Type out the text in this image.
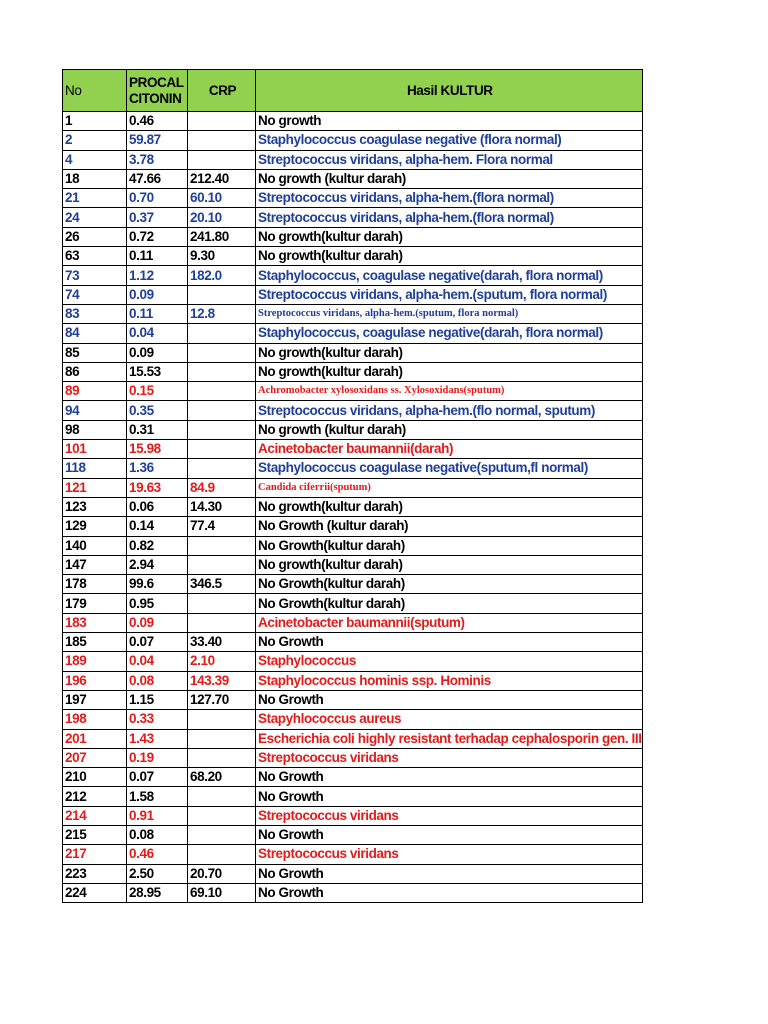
No	PROCAL CITONIN	CRP	Hasil KULTUR
1	0.46		No growth
2	59.87		Staphylococcus coagulase negative (flora normal)
4	3.78		Streptococcus viridans, alpha-hem. Flora normal
18	47.66	212.40	No growth (kultur darah)
21	0.70	60.10	Streptococcus viridans, alpha-hem.(flora normal)
24	0.37	20.10	Streptococcus viridans, alpha-hem.(flora normal)
26	0.72	241.80	No growth(kultur darah)
63	0.11	9.30	No growth(kultur darah)
73	1.12	182.0	Staphylococcus, coagulase negative(darah, flora normal)
74	0.09		Streptococcus viridans, alpha-hem.(sputum, flora normal)
83	0.11	12.8	Streptococcus viridans, alpha-hem.(sputum, flora normal)
84	0.04		Staphylococcus, coagulase negative(darah, flora normal)
85	0.09		No growth(kultur darah)
86	15.53		No growth(kultur darah)
89	0.15		Achromobacter xylosoxidans ss. Xylosoxidans(sputum)
94	0.35		Streptococcus viridans, alpha-hem.(flo normal, sputum)
98	0.31		No growth (kultur darah)
101	15.98		Acinetobacter baumannii(darah)
118	1.36		Staphylococcus coagulase negative(sputum,fl normal)
121	19.63	84.9	Candida ciferrii(sputum)
123	0.06	14.30	No growth(kultur darah)
129	0.14	77.4	No Growth (kultur darah)
140	0.82		No Growth(kultur darah)
147	2.94		No growth(kultur darah)
178	99.6	346.5	No Growth(kultur darah)
179	0.95		No Growth(kultur darah)
183	0.09		Acinetobacter baumannii(sputum)
185	0.07	33.40	No Growth
189	0.04	2.10	Staphylococcus
196	0.08	143.39	Staphylococcus hominis ssp. Hominis
197	1.15	127.70	No Growth
198	0.33		Stapyhlococcus aureus
201	1.43		Escherichia coli highly resistant terhadap cephalosporin gen. III
207	0.19		Streptococcus viridans
210	0.07	68.20	No Growth
212	1.58		No Growth
214	0.91		Streptococcus viridans
215	0.08		No Growth
217	0.46		Streptococcus viridans
223	2.50	20.70	No Growth
224	28.95	69.10	No Growth
